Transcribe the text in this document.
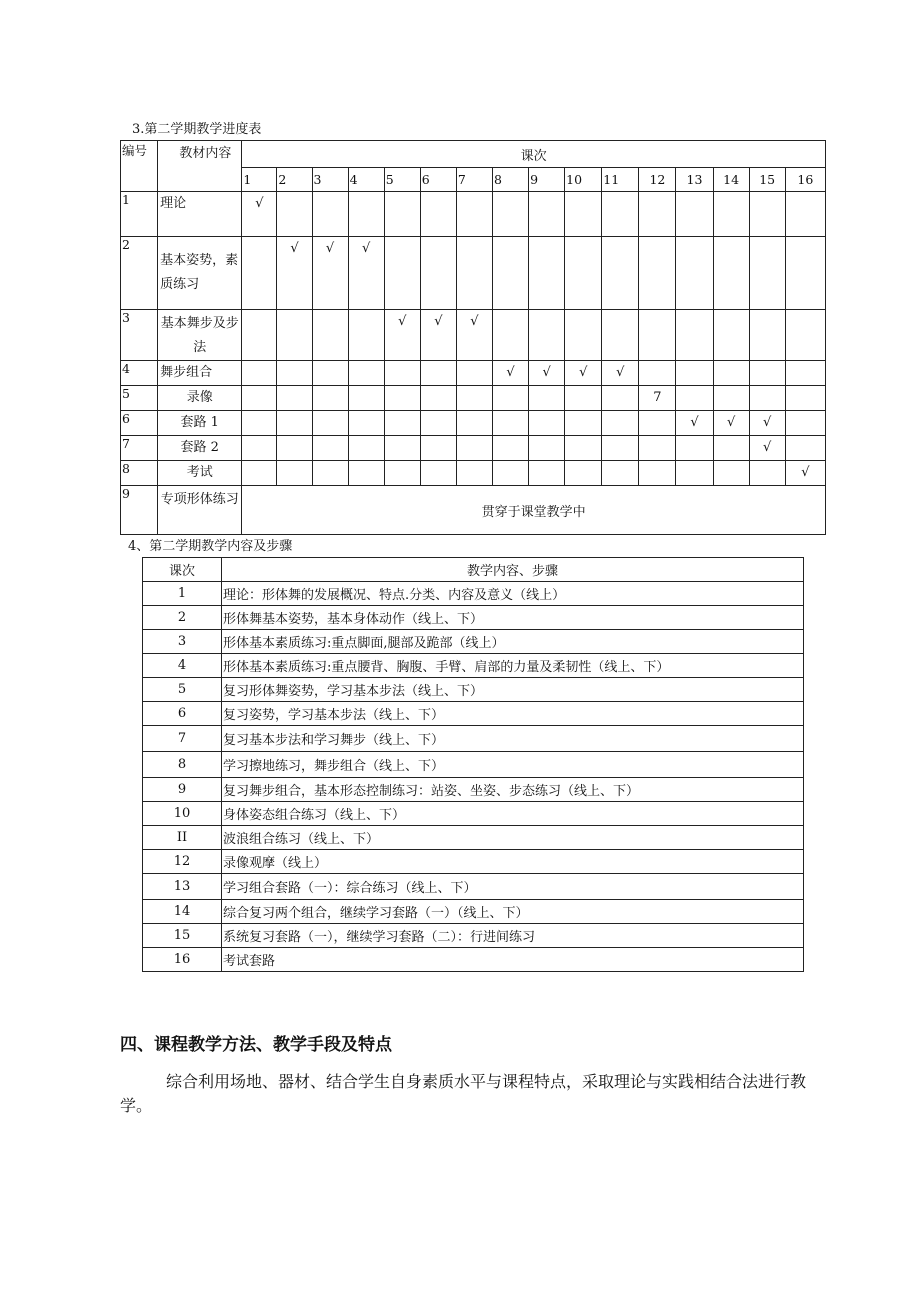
3.第二学期教学进度表
编号	教材内容	课次															
		1	2	3	4	5	6	7	8	9	10	11	12	13	14	15	16
1	理论	√															
2	基本姿势，素质练习		√	√	√												
3	基本舞步及步法					√	√	√									
4	舞步组合								√	√	√	√					
5	录像												7				
6	套路 1													√	√	√	
7	套路 2															√	
8	考试																√
9	专项形体练习	贯穿于课堂教学中															
4、第二学期教学内容及步骤
课次	教学内容、步骤
1	理论：形体舞的发展概况、特点.分类、内容及意义（线上）
2	形体舞基本姿势，基本身体动作（线上、下）
3	形体基本素质练习:重点脚面,腿部及跪部（线上）
4	形体基本素质练习:重点腰背、胸腹、手臂、肩部的力量及柔韧性（线上、下）
5	复习形体舞姿势，学习基本步法（线上、下）
6	复习姿势，学习基本步法（线上、下）
7	复习基本步法和学习舞步（线上、下）
8	学习擦地练习，舞步组合（线上、下）
9	复习舞步组合，基本形态控制练习：站姿、坐姿、步态练习（线上、下）
10	身体姿态组合练习（线上、下）
II	波浪组合练习（线上、下）
12	录像观摩（线上）
13	学习组合套路（一）：综合练习（线上、下）
14	综合复习两个组合，继续学习套路（一）（线上、下）
15	系统复习套路（一），继续学习套路（二）：行进间练习
16	考试套路
四、课程教学方法、教学手段及特点
综合利用场地、器材、结合学生自身素质水平与课程特点，采取理论与实践相结合法进行教学。
